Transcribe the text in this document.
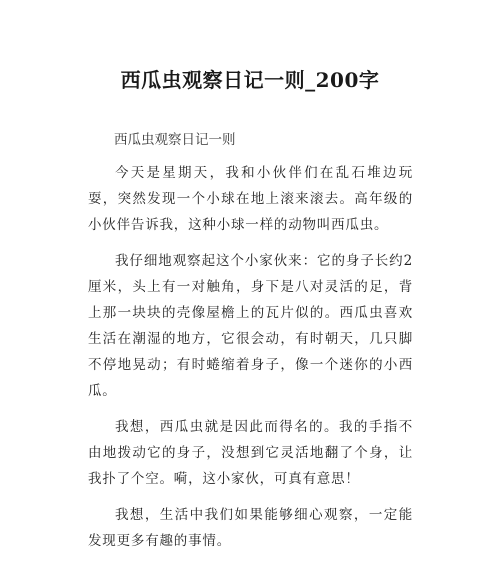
西瓜虫观察日记一则_200字
西瓜虫观察日记一则

今天是星期天，我和小伙伴们在乱石堆边玩耍，突然发现一个小球在地上滚来滚去。高年级的小伙伴告诉我，这种小球一样的动物叫西瓜虫。

我仔细地观察起这个小家伙来：它的身子长约2厘米，头上有一对触角，身下是八对灵活的足，背上那一块块的壳像屋檐上的瓦片似的。西瓜虫喜欢生活在潮湿的地方，它很会动，有时朝天，几只脚不停地晃动；有时蜷缩着身子，像一个迷你的小西瓜。

我想，西瓜虫就是因此而得名的。我的手指不由地拨动它的身子，没想到它灵活地翻了个身，让我扑了个空。嗬，这小家伙，可真有意思！

我想，生活中我们如果能够细心观察，一定能发现更多有趣的事情。
